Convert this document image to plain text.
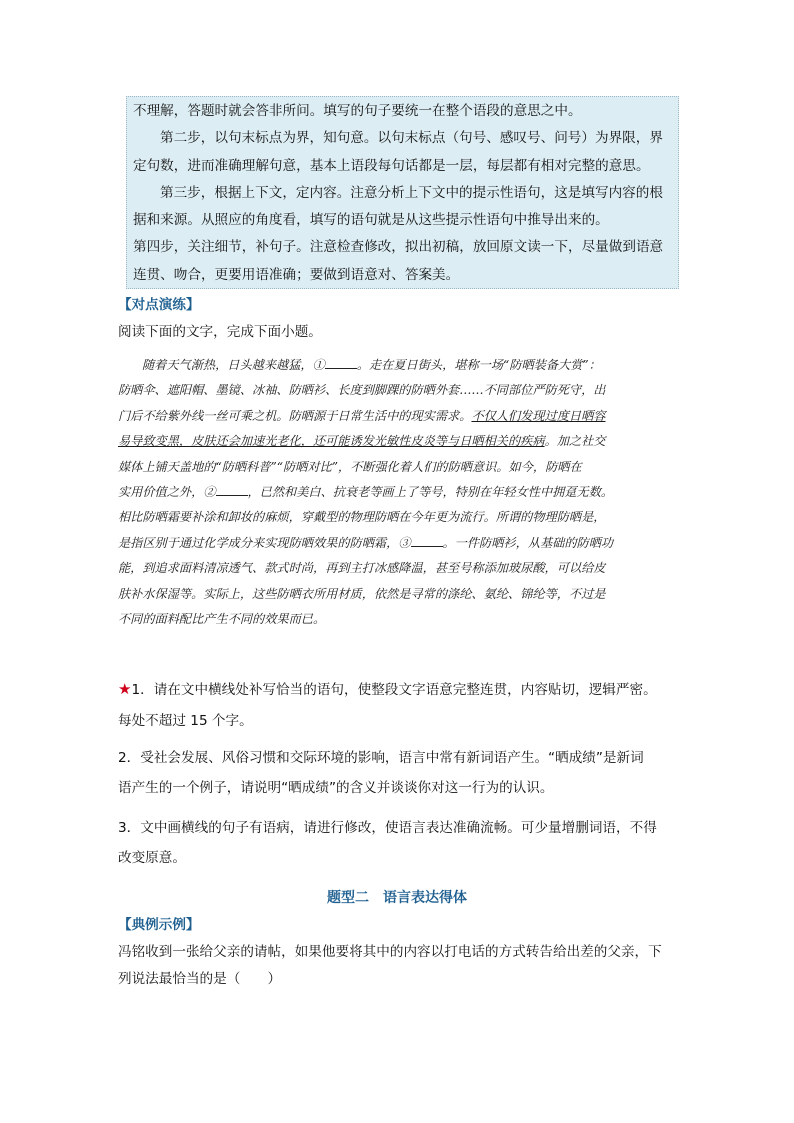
不理解，答题时就会答非所问。填写的句子要统一在整个语段的意思之中。

第二步，以句末标点为界，知句意。以句末标点（句号、感叹号、问号）为界限，界

定句数，进而准确理解句意，基本上语段每句话都是一层，每层都有相对完整的意思。

第三步，根据上下文，定内容。注意分析上下文中的提示性语句，这是填写内容的根

据和来源。从照应的角度看，填写的语句就是从这些提示性语句中推导出来的。

第四步，关注细节，补句子。注意检查修改，拟出初稿，放回原文读一下，尽量做到语意

连贯、吻合，更要用语准确；要做到语意对、答案美。

【对点演练】
阅读下面的文字，完成下面小题。
随着天气渐热，日头越来越猛，①	。走在夏日街头，堪称一场“防晒装备大赏”：
防晒伞、遮阳帽、墨镜、冰袖、防晒衫、长度到脚踝的防晒外套……不同部位严防死守，出
门后不给紫外线一丝可乘之机。防晒源于日常生活中的现实需求。不仅人们发现过度日晒容
易导致变黑，皮肤还会加速光老化，还可能诱发光敏性皮炎等与日晒相关的疾病。加之社交
媒体上铺天盖地的“防晒科普”“防晒对比”，不断强化着人们的防晒意识。如今，防晒在
实用价值之外，②	，已然和美白、抗衰老等画上了等号，特别在年轻女性中拥趸无数。
相比防晒霜要补涂和卸妆的麻烦，穿戴型的物理防晒在今年更为流行。所谓的物理防晒是，
是指区别于通过化学成分来实现防晒效果的防晒霜，③	。一件防晒衫，从基础的防晒功
能，到追求面料清凉透气、款式时尚，再到主打冰感降温，甚至号称添加玻尿酸，可以给皮
肤补水保湿等。实际上，这些防晒衣所用材质，依然是寻常的涤纶、氨纶、锦纶等，不过是
不同的面料配比产生不同的效果而已。
★1．请在文中横线处补写恰当的语句，使整段文字语意完整连贯，内容贴切，逻辑严密。
每处不超过 15 个字。
2．受社会发展、风俗习惯和交际环境的影响，语言中常有新词语产生。“晒成绩”是新词
语产生的一个例子，请说明“晒成绩”的含义并谈谈你对这一行为的认识。
3．文中画横线的句子有语病，请进行修改，使语言表达准确流畅。可少量增删词语，不得
改变原意。
题型二　语言表达得体
【典例示例】
冯铭收到一张给父亲的请帖，如果他要将其中的内容以打电话的方式转告给出差的父亲，下
列说法最恰当的是（　　）
